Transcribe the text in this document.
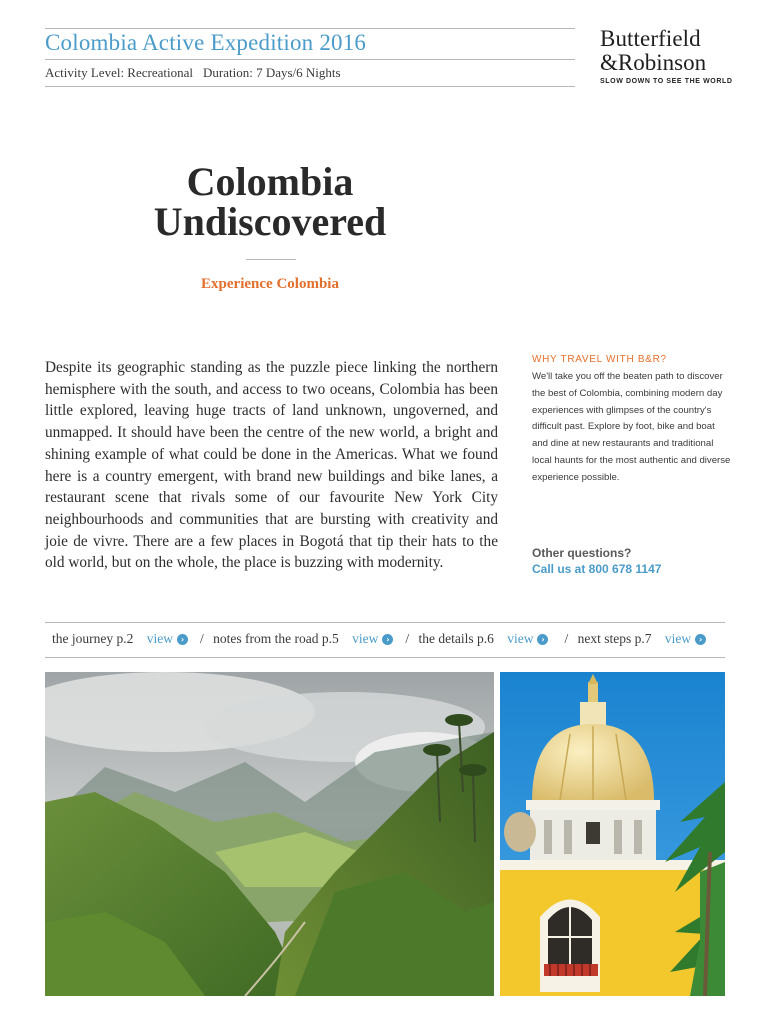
Colombia Active Expedition 2016
Activity Level: Recreational Duration: 7 Days/6 Nights
Butterfield
&Robinson
SLOW DOWN TO SEE THE WORLD
Colombia
Undiscovered
Experience Colombia
Despite its geographic standing as the puzzle piece linking the northern hemisphere with the south, and access to two oceans, Colombia has been little explored, leaving huge tracts of land unknown, ungoverned, and unmapped. It should have been the centre of the new world, a bright and shining example of what could be done in the Americas. What we found here is a country emergent, with brand new buildings and bike lanes, a restaurant scene that rivals some of our favourite New York City neighbourhoods and communities that are bursting with creativity and joie de vivre. There are a few places in Bogotá that tip their hats to the old world, but on the whole, the place is buzzing with modernity.
WHY TRAVEL WITH B&R?
We'll take you off the beaten path to discover the best of Colombia, combining modern day experiences with glimpses of the country's difficult past. Explore by foot, bike and boat and dine at new restaurants and traditional local haunts for the most authentic and diverse experience possible.
Other questions?
Call us at 800 678 1147
the journey p.2 view › / notes from the road p.5 view › / the details p.6 view › / next steps p.7 view ›
